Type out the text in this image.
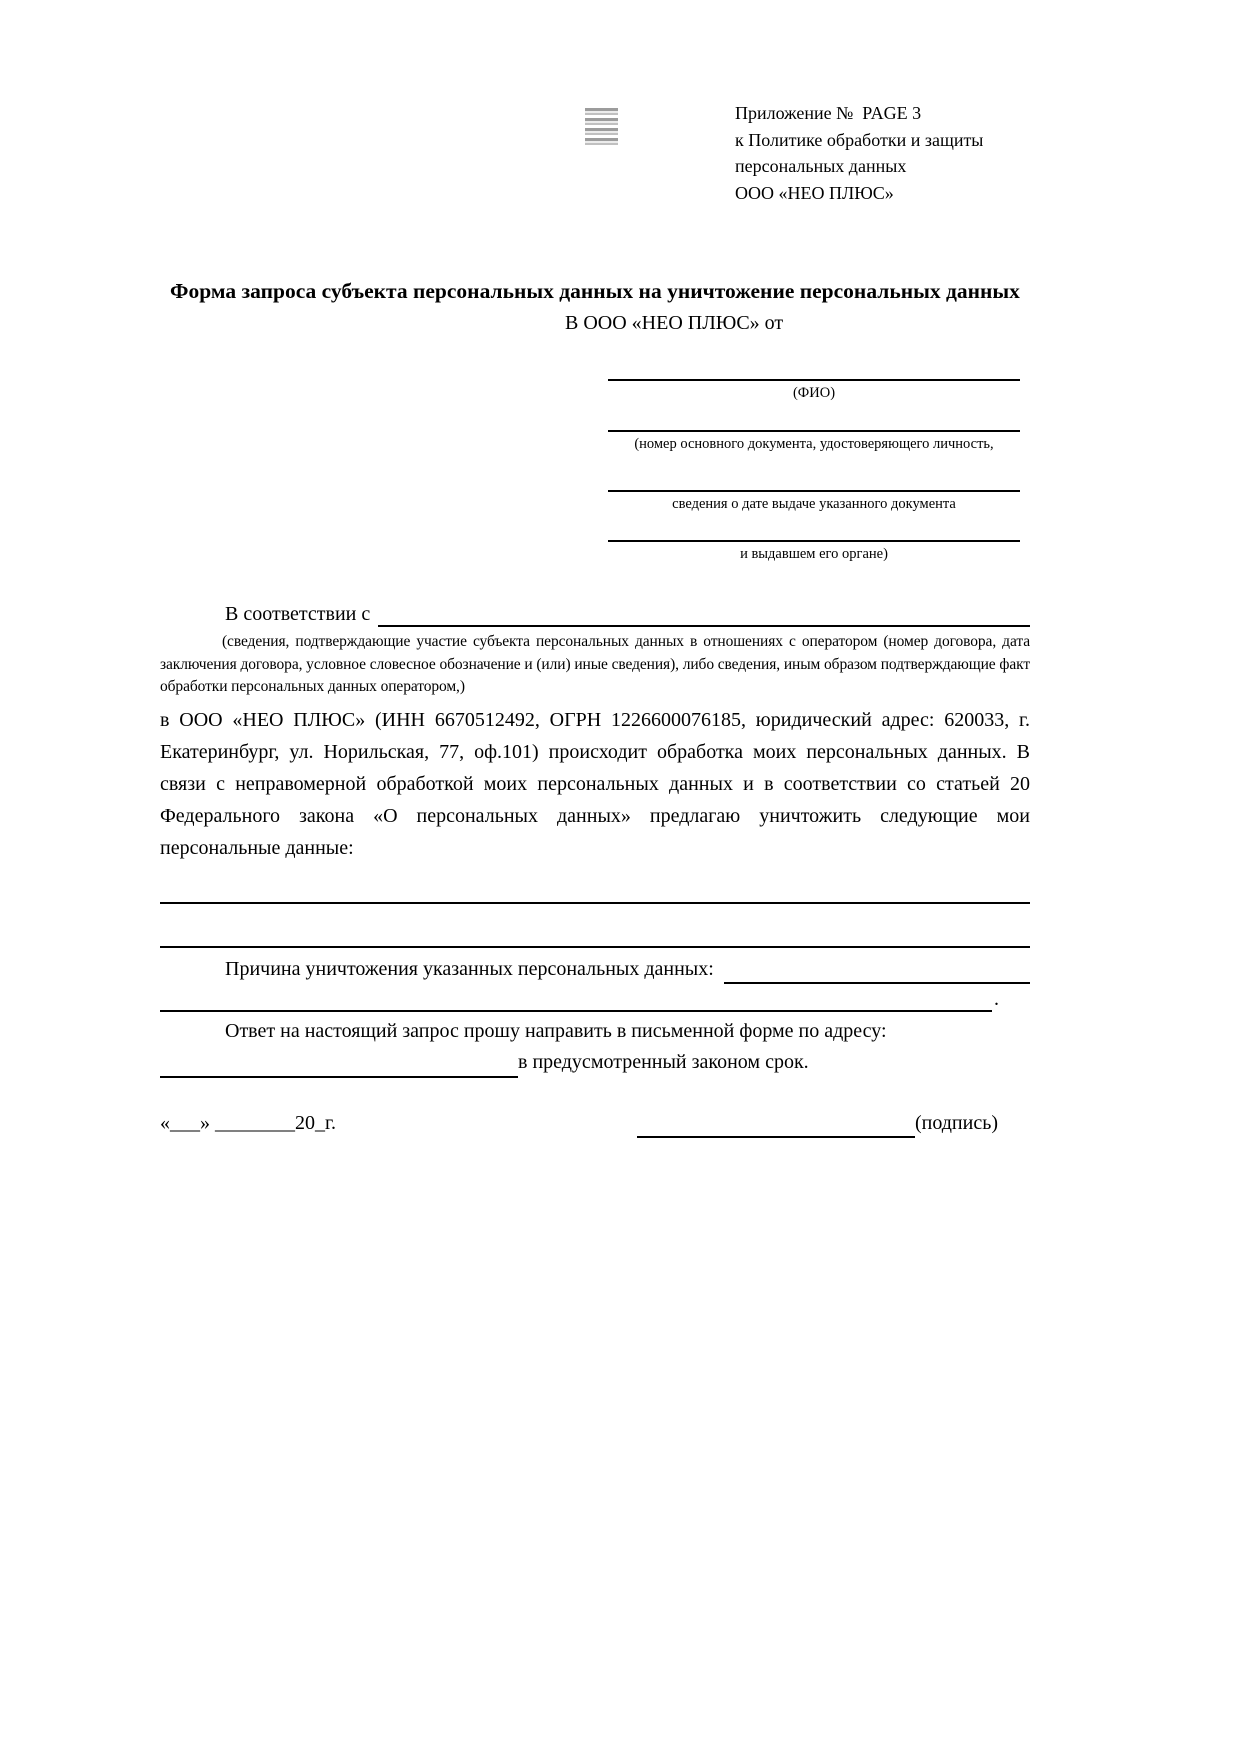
Приложение №  PAGE 3
к Политике обработки и защиты
персональных данных
ООО «НЕО ПЛЮС»
Форма запроса субъекта персональных данных на уничтожение персональных данных
В ООО «НЕО ПЛЮС» от
(ФИО)
(номер основного документа, удостоверяющего личность,
сведения о дате выдаче указанного документа
и выдавшем его органе)
В соответствии с
(сведения, подтверждающие участие субъекта персональных данных в отношениях с оператором (номер договора, дата заключения договора, условное словесное обозначение и (или) иные сведения), либо сведения, иным образом подтверждающие факт обработки персональных данных оператором,)
в ООО «НЕО ПЛЮС» (ИНН 6670512492, ОГРН 1226600076185, юридический адрес: 620033, г. Екатеринбург, ул. Норильская, 77, оф.101) происходит обработка моих персональных данных. В связи с неправомерной обработкой моих персональных данных и в соответствии со статьей 20 Федерального закона «О персональных данных» предлагаю уничтожить следующие мои персональные данные:
Причина уничтожения указанных персональных данных:
.
Ответ на настоящий запрос прошу направить в письменной форме по адресу:
в предусмотренный законом срок.
«___» ________20_г.	(подпись)
